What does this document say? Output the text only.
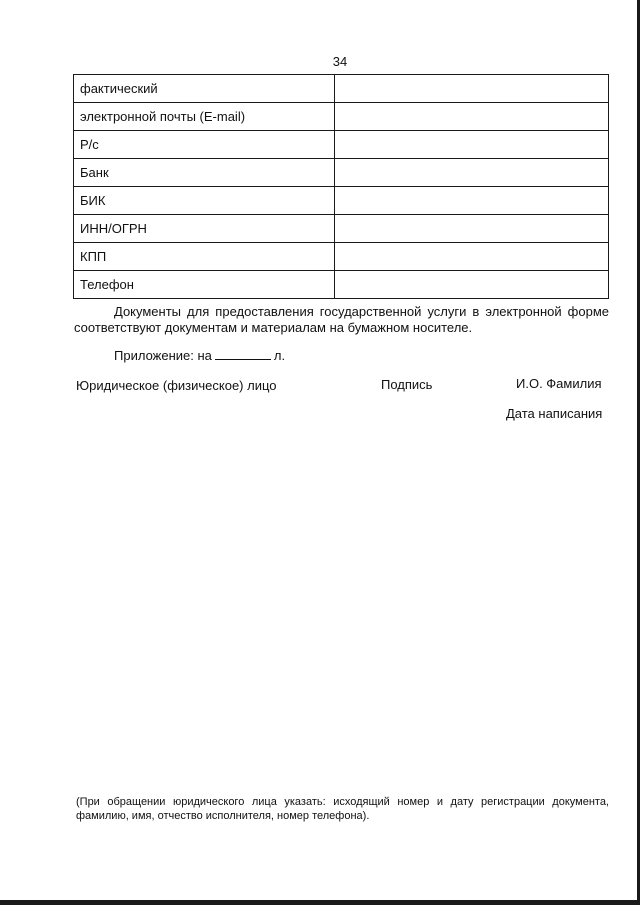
34
фактический	
электронной почты (E-mail)	
Р/с	
Банк	
БИК	
ИНН/ОГРН	
КПП	
Телефон	
Документы для предоставления государственной услуги в электронной форме соответствуют документам и материалам на бумажном носителе.
Приложение: на	л.
Юридическое (физическое) лицо	Подпись	И.О. Фамилия
Дата написания
(При обращении юридического лица указать: исходящий номер и дату регистрации документа, фамилию, имя, отчество исполнителя, номер телефона).
